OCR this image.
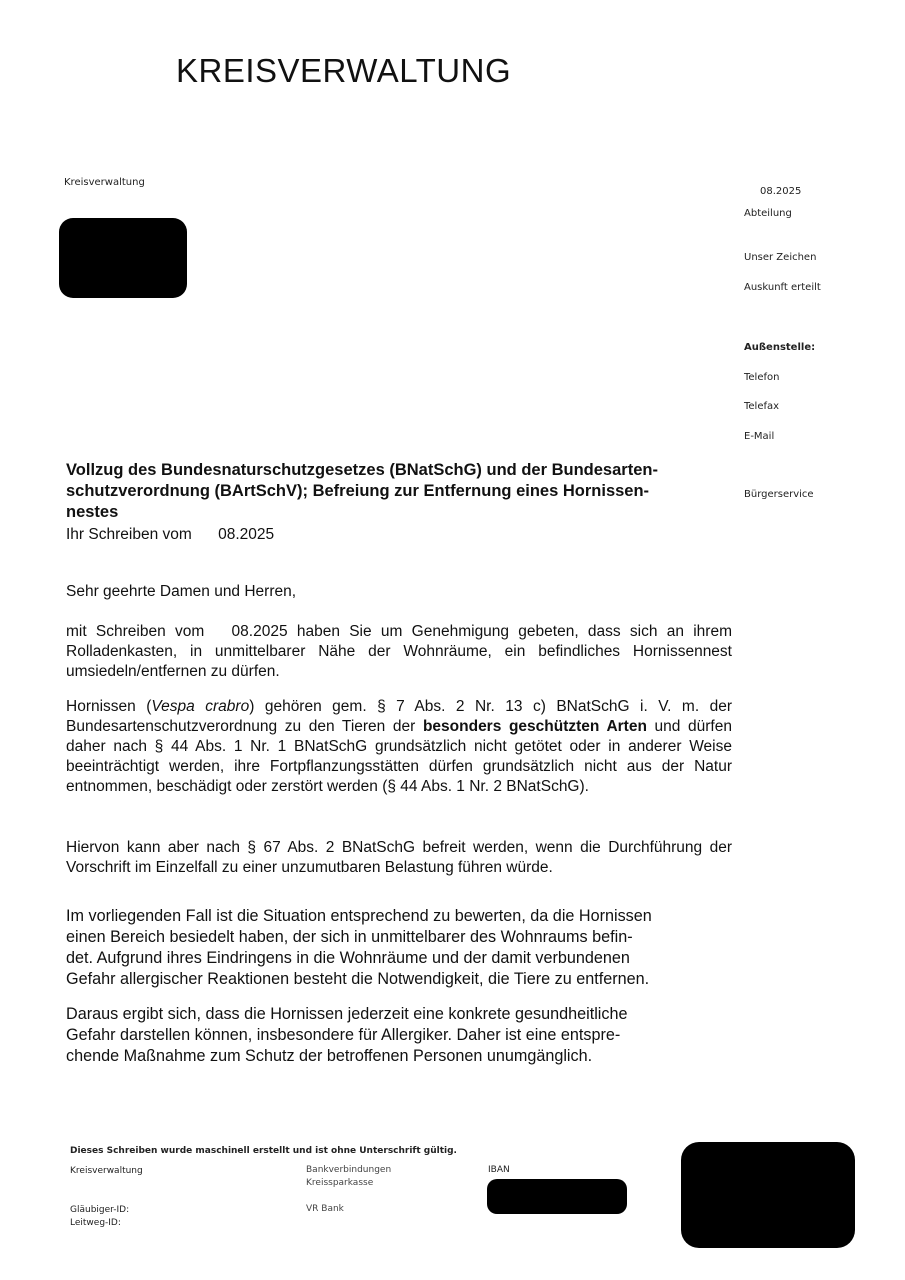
KREISVERWALTUNG
Kreisverwaltung
08.2025
Abteilung
Unser Zeichen
Auskunft erteilt
Außenstelle:
Telefon
Telefax
E-Mail
Bürgerservice
Vollzug des Bundesnaturschutzgesetzes (BNatSchG) und der Bundesarten-
schutzverordnung (BArtSchV); Befreiung zur Entfernung eines Hornissen-
nestes
Ihr Schreiben vom 08.2025
Sehr geehrte Damen und Herren,
mit Schreiben vom 08.2025 haben Sie um Genehmigung gebeten, dass sich an ihrem Rolladenkasten, in unmittelbarer Nähe der Wohnräume, ein befindliches Hornissennest umsiedeln/entfernen zu dürfen.
Hornissen (Vespa crabro) gehören gem. § 7 Abs. 2 Nr. 13 c) BNatSchG i. V. m. der Bundesartenschutzverordnung zu den Tieren der besonders geschützten Arten und dürfen daher nach § 44 Abs. 1 Nr. 1 BNatSchG grundsätzlich nicht getötet oder in anderer Weise beeinträchtigt werden, ihre Fortpflanzungsstätten dürfen grundsätzlich nicht aus der Natur entnommen, beschädigt oder zerstört werden (§ 44 Abs. 1 Nr. 2 BNatSchG).
Hiervon kann aber nach § 67 Abs. 2 BNatSchG befreit werden, wenn die Durchführung der Vorschrift im Einzelfall zu einer unzumutbaren Belastung führen würde.
Im vorliegenden Fall ist die Situation entsprechend zu bewerten, da die Hornissen
einen Bereich besiedelt haben, der sich in unmittelbarer des Wohnraums befin-
det. Aufgrund ihres Eindringens in die Wohnräume und der damit verbundenen
Gefahr allergischer Reaktionen besteht die Notwendigkeit, die Tiere zu entfernen.
Daraus ergibt sich, dass die Hornissen jederzeit eine konkrete gesundheitliche
Gefahr darstellen können, insbesondere für Allergiker. Daher ist eine entspre-
chende Maßnahme zum Schutz der betroffenen Personen unumgänglich.
Dieses Schreiben wurde maschinell erstellt und ist ohne Unterschrift gültig.
Kreisverwaltung	Bankverbindungen
Kreissparkasse
VR Bank
IBAN
Gläubiger-ID:
Leitweg-ID:
